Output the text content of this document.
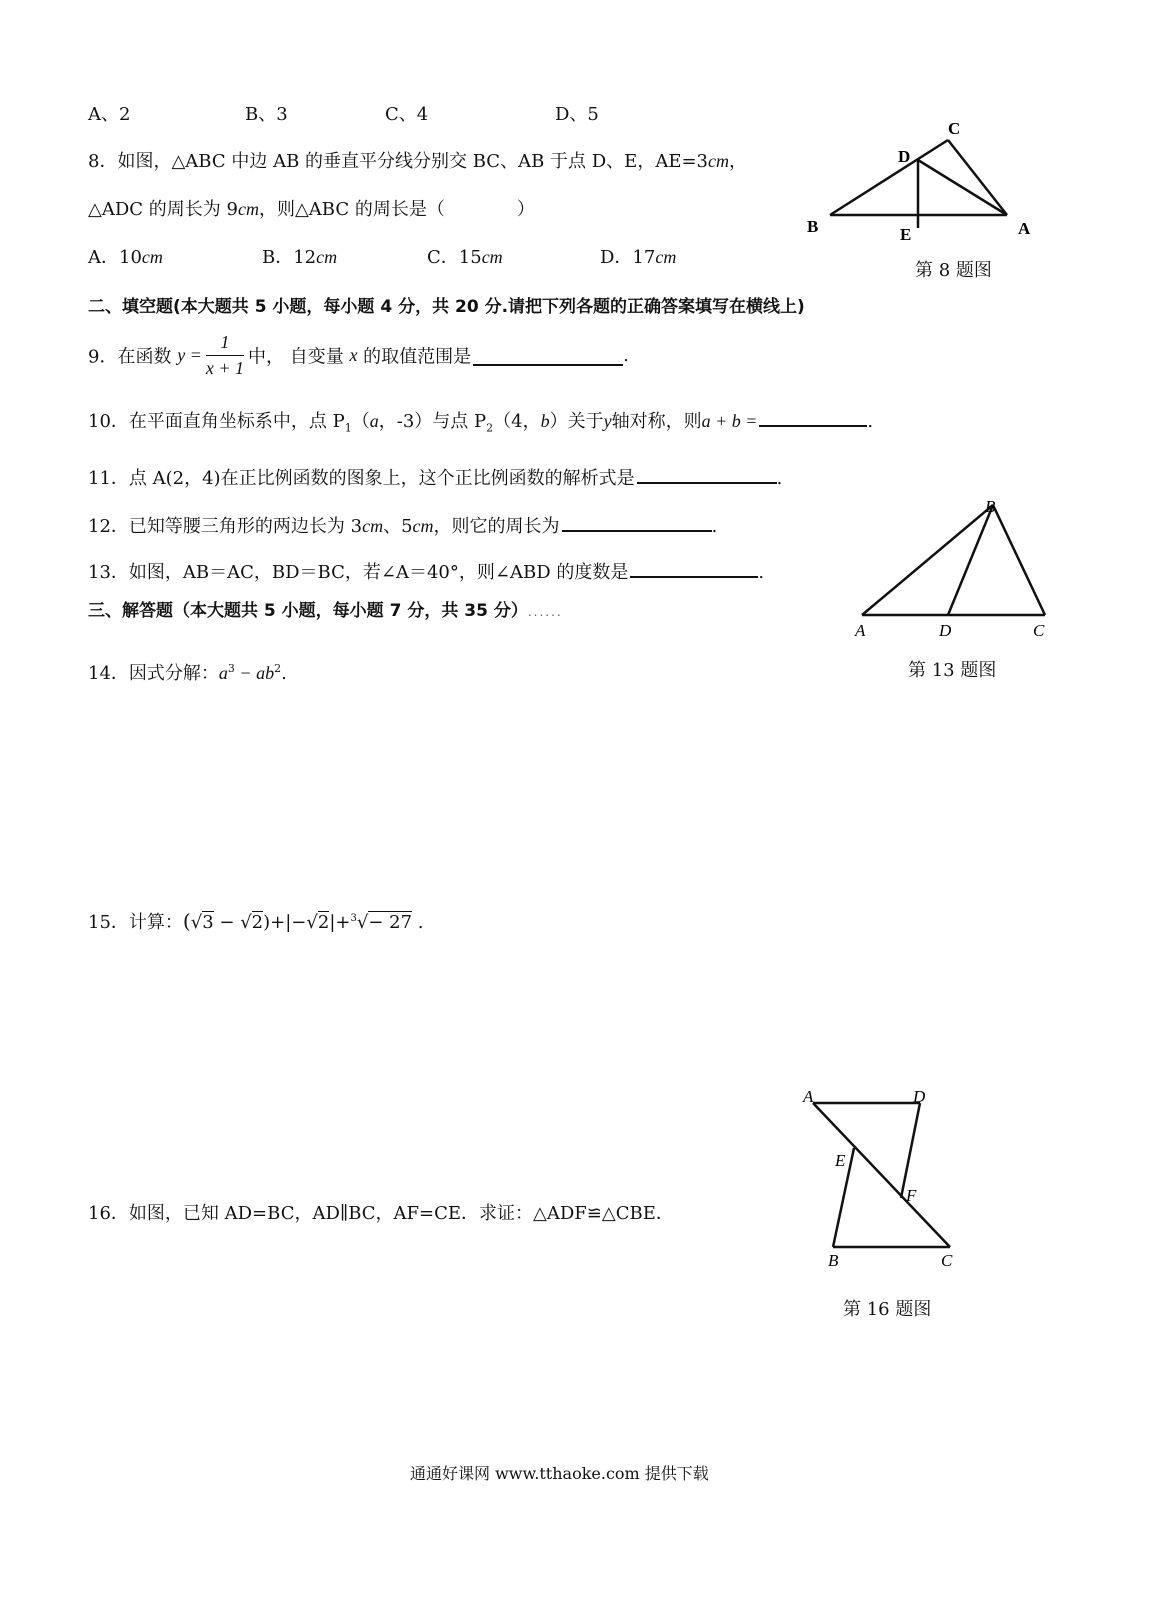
A、2	B、3	C、4	D、5
8．如图，△ABC 中边 AB 的垂直平分线分别交 BC、AB 于点 D、E，AE=3cm，
△ADC 的周长为 9cm，则△ABC 的周长是（　　　　）
A．10cm	B．12cm	C．15cm	D．17cm
C
D
B	E	A
第 8 题图
二、填空题(本大题共 5 小题，每小题 4 分，共 20 分.请把下列各题的正确答案填写在横线上)
9．在函数 $y = \frac{1}{x + 1}$ 中， 自变量 x 的取值范围是	.
10．在平面直角坐标系中，点 $P_1(a$，-3）与点 $P_2(4$，b）关于y轴对称，则a + b =	.
11．点 A(2，4)在正比例函数的图象上，这个正比例函数的解析式是	.
12．已知等腰三角形的两边长为 3cm、5cm，则它的周长为	.
13．如图，AB＝AC，BD＝BC，若∠A＝40°，则∠ABD 的度数是	.
B
A	D	C
第 13 题图
三、解答题（本大题共 5 小题，每小题 7 分，共 35 分）......
14．因式分解：$a^3 - ab^2$.
15．计算：(√3 − √2)+|−√2|+$^3$√− 27 .
16．如图，已知 AD=BC，AD∥BC，AF=CE．求证：△ADF≌△CBE．
A	D
E
F
B	C
第 16 题图
通通好课网 www.tthaoke.com 提供下载
